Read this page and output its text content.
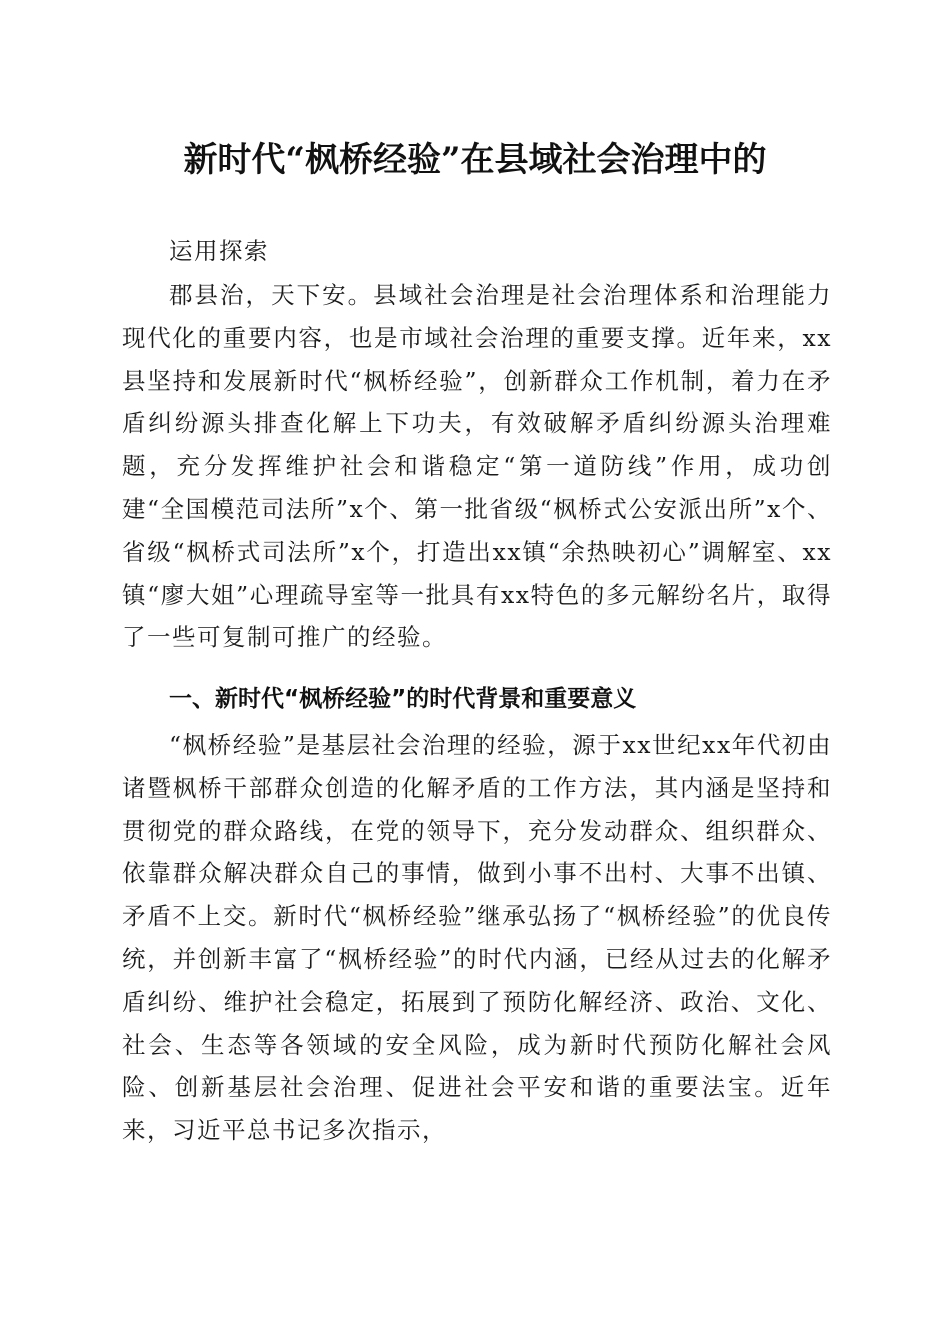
新时代“枫桥经验”在县域社会治理中的
运用探索
郡县治，天下安。县域社会治理是社会治理体系和治理能力现代化的重要内容，也是市域社会治理的重要支撑。近年来，xx县坚持和发展新时代“枫桥经验”，创新群众工作机制，着力在矛盾纠纷源头排查化解上下功夫，有效破解矛盾纠纷源头治理难题，充分发挥维护社会和谐稳定“第一道防线”作用，成功创建“全国模范司法所”x个、第一批省级“枫桥式公安派出所”x个、省级“枫桥式司法所”x个，打造出xx镇“余热映初心”调解室、xx镇“廖大姐”心理疏导室等一批具有xx特色的多元解纷名片，取得了一些可复制可推广的经验。
一、新时代“枫桥经验”的时代背景和重要意义
“枫桥经验”是基层社会治理的经验，源于xx世纪xx年代初由诸暨枫桥干部群众创造的化解矛盾的工作方法，其内涵是坚持和贯彻党的群众路线，在党的领导下，充分发动群众、组织群众、依靠群众解决群众自己的事情，做到小事不出村、大事不出镇、矛盾不上交。新时代“枫桥经验”继承弘扬了“枫桥经验”的优良传统，并创新丰富了“枫桥经验”的时代内涵，已经从过去的化解矛盾纠纷、维护社会稳定，拓展到了预防化解经济、政治、文化、社会、生态等各领域的安全风险，成为新时代预防化解社会风险、创新基层社会治理、促进社会平安和谐的重要法宝。近年来，习近平总书记多次指示，
